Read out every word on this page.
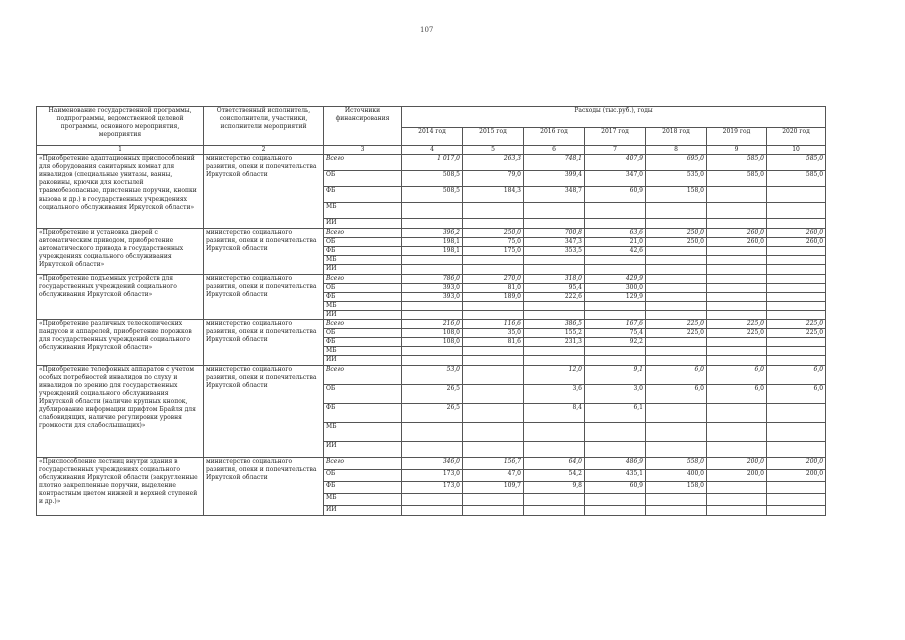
107
Наименование государственной программы, подпрограммы, ведомственной целевой программы, основного мероприятия, мероприятия	Ответственный исполнитель, соисполнители, участники, исполнители мероприятий	Источники финансирования	Расходы (тыс.руб.), годы						
			2014 год	2015 год	2016 год	2017 год	2018 год	2019 год	2020 год
1	2	3	4	5	6	7	8	9	10
«Приобретение адаптационных приспособлений для оборудования санитарных комнат для инвалидов (специальные унитазы, ванны, раковины, крючки для костылей травмобезопасные, пристенные поручни, кнопки вызова и др.) в государственных учреждениях социального обслуживания Иркутской области»	министерство социального развития, опеки и попечительства Иркутской области	Всего	1 017,0	263,3	748,1	407,9	695,0	585,0	585,0
		ОБ	508,5	79,0	399,4	347,0	535,0	585,0	585,0
		ФБ	508,5	184,3	348,7	60,9	158,0		
		МБ							
		ИИ							
«Приобретение и установка дверей с автоматическим приводом, приобретение автоматического привода в государственных учреждениях социального обслуживания Иркутской области»	министерство социального развития, опеки и попечительства Иркутской области	Всего	396,2	250,0	700,8	63,6	250,0	260,0	260,0
		ОБ	198,1	75,0	347,3	21,0	250,0	260,0	260,0
		ФБ	198,1	175,0	353,5	42,6			
		МБ							
		ИИ							
«Приобретение подъемных устройств для государственных учреждений социального обслуживания Иркутской области»	министерство социального развития, опеки и попечительства Иркутской области	Всего	786,0	270,0	318,0	429,9			
		ОБ	393,0	81,0	95,4	300,0			
		ФБ	393,0	189,0	222,6	129,9			
		МБ							
		ИИ							
«Приобретение различных телескопических пандусов и аппарелей, приобретение порожков для государственных учреждений социального обслуживания Иркутской области»	министерство социального развития, опеки и попечительства Иркутской области	Всего	216,0	116,6	386,5	167,6	225,0	225,0	225,0
		ОБ	108,0	35,0	155,2	75,4	225,0	225,0	225,0
		ФБ	108,0	81,6	231,3	92,2			
		МБ							
		ИИ							
«Приобретение телефонных аппаратов с учетом особых потребностей инвалидов по слуху и инвалидов по зрению для государственных учреждений социального обслуживания Иркутской области (наличие крупных кнопок, дублирование информации шрифтом Брайля для слабовидящих, наличие регулировки уровня громкости для слабослышащих)»	министерство социального развития, опеки и попечительства Иркутской области	Всего	53,0		12,0	9,1	6,0	6,0	6,0
		ОБ	26,5		3,6	3,0	6,0	6,0	6,0
		ФБ	26,5		8,4	6,1			
		МБ							
		ИИ							
«Приспособление лестниц внутри здания в государственных учреждениях социального обслуживания Иркутской области (закругленные плотно закрепленные поручни, выделение контрастным цветом нижней и верхней ступеней и др.)»	министерство социального развития, опеки и попечительства Иркутской области	Всего	346,0	156,7	64,0	486,9	558,0	200,0	200,0
		ОБ	173,0	47,0	54,2	435,1	400,0	200,0	200,0
		ФБ	173,0	109,7	9,8	60,9	158,0		
		МБ							
		ИИ							
